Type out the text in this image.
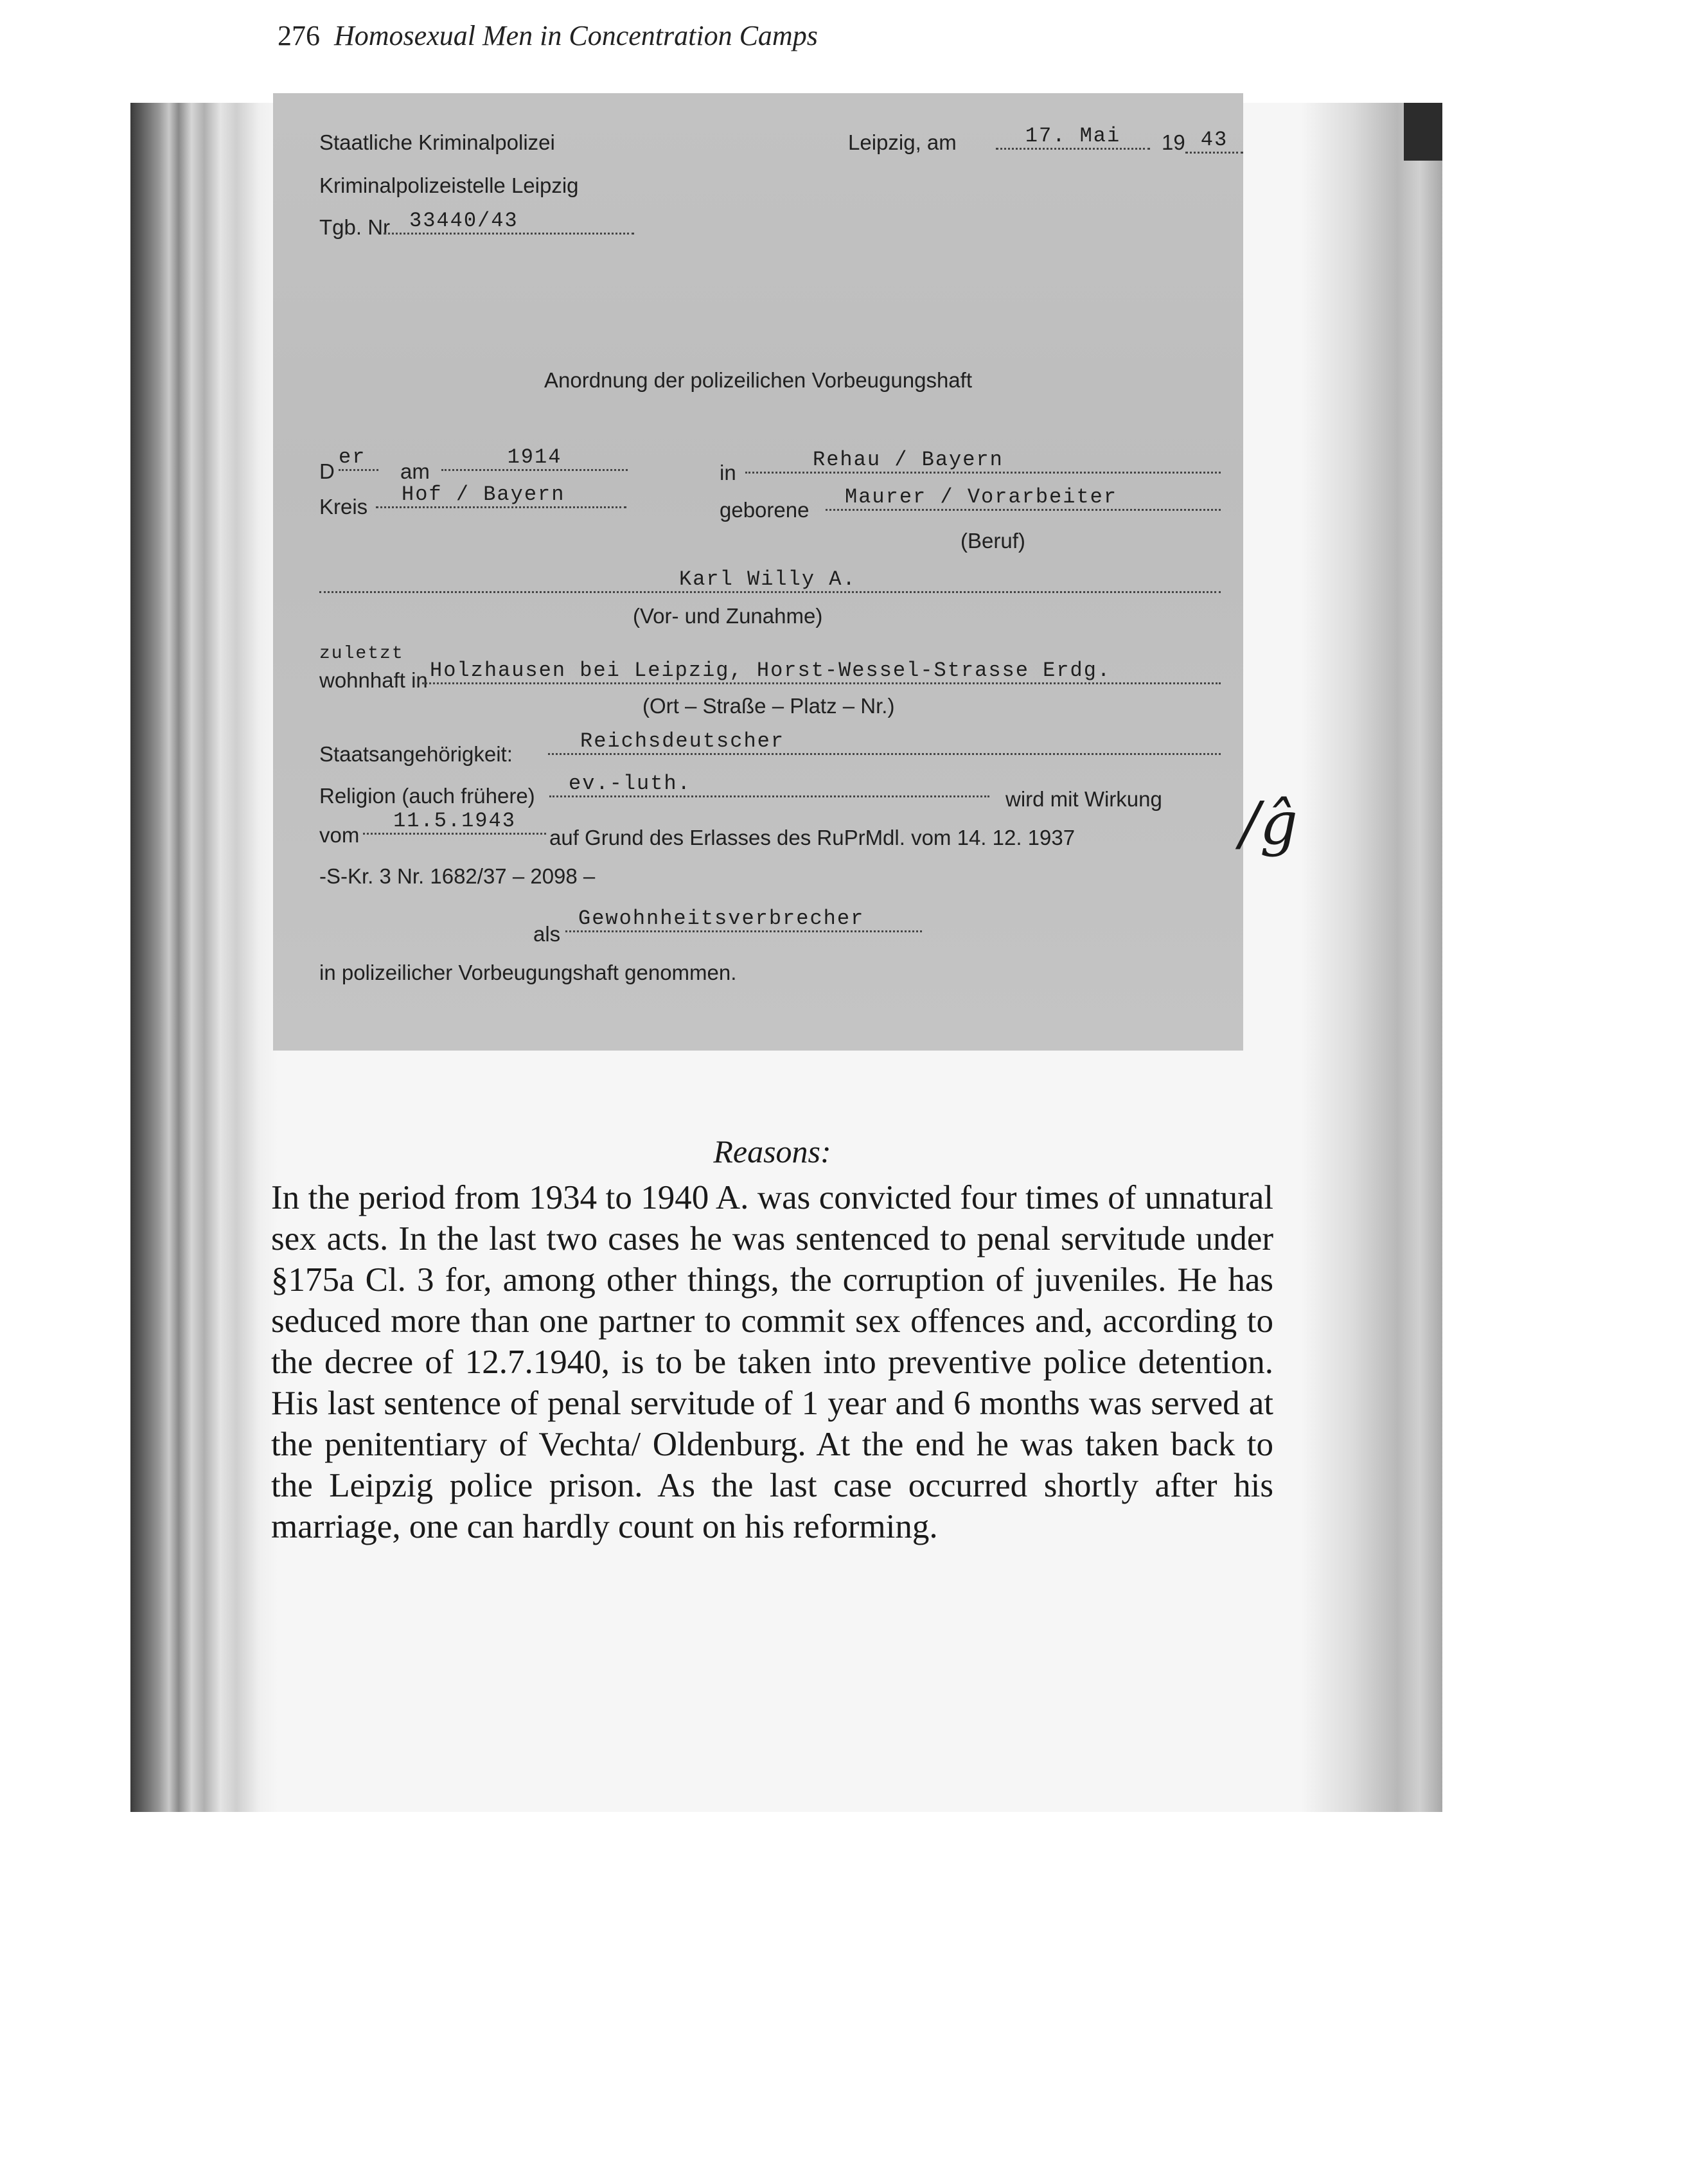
276 Homosexual Men in Concentration Camps
Staatliche Kriminalpolizei
Kriminalpolizeistelle Leipzig
Tgb. Nr 33440/43
Leipzig, am	17. Mai	19 43
Anordnung der polizeilichen Vorbeugungshaft
D
er
am
1914
in
Rehau / Bayern
Kreis
Hof / Bayern
geborene
Maurer / Vorarbeiter
(Beruf)
Karl Willy A.
(Vor- und Zunahme)
zuletzt
wohnhaft in Holzhausen bei Leipzig, Horst-Wessel-Strasse Erdg.
(Ort – Straße – Platz – Nr.)
Staatsangehörigkeit:
Reichsdeutscher
Religion (auch frühere)
ev.-luth.
wird mit Wirkung
vom
11.5.1943
auf Grund des Erlasses des RuPrMdl. vom 14. 12. 1937
-S-Kr. 3 Nr. 1682/37 – 2098 –
als
Gewohnheitsverbrecher
in polizeilicher Vorbeugungshaft genommen.
/ĝ
Reasons:
In the period from 1934 to 1940 A. was convicted four times of unnatural sex acts. In the last two cases he was sentenced to penal servitude under §175a Cl. 3 for, among other things, the corruption of juveniles. He has seduced more than one partner to commit sex offences and, according to the decree of 12.7.1940, is to be taken into preventive police detention. His last sentence of penal servitude of 1 year and 6 months was served at the penitentiary of Vechta/ Oldenburg. At the end he was taken back to the Leipzig police prison. As the last case occurred shortly after his marriage, one can hardly count on his reforming.
